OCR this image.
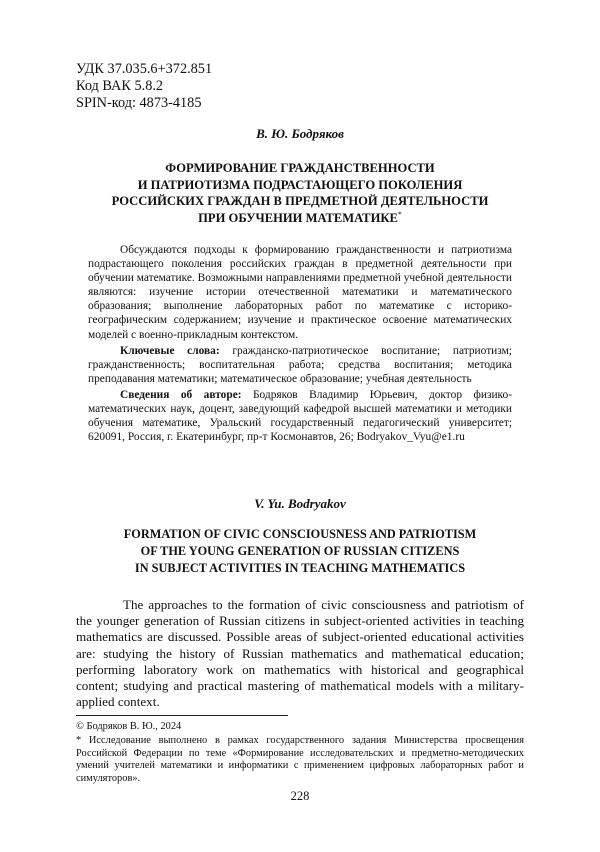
УДК 37.035.6+372.851
Код ВАК 5.8.2
SPIN-код: 4873-4185
В. Ю. Бодряков
ФОРМИРОВАНИЕ ГРАЖДАНСТВЕННОСТИ
И ПАТРИОТИЗМА ПОДРАСТАЮЩЕГО ПОКОЛЕНИЯ
РОССИЙСКИХ ГРАЖДАН В ПРЕДМЕТНОЙ ДЕЯТЕЛЬНОСТИ
ПРИ ОБУЧЕНИИ МАТЕМАТИКЕ*

Обсуждаются подходы к формированию гражданственности и патриотизма подрастающего поколения российских граждан в предметной деятельности при обучении математике. Возможными направлениями предметной учебной деятельности являются: изучение истории отечественной математики и математического образования; выполнение лабораторных работ по математике с историко-географическим содержанием; изучение и практическое освоение математических моделей с военно-прикладным контекстом.

Ключевые слова: гражданско-патриотическое воспитание; патриотизм; гражданственность; воспитательная работа; средства воспитания; методика преподавания математики; математическое образование; учебная деятельность

Сведения об авторе: Бодряков Владимир Юрьевич, доктор физико-математических наук, доцент, заведующий кафедрой высшей математики и методики обучения математике, Уральский государственный педагогический университет; 620091, Россия, г. Екатеринбург, пр-т Космонавтов, 26; Bodryakov_Vyu@e1.ru

V. Yu. Bodryakov
FORMATION OF CIVIC CONSCIOUSNESS AND PATRIOTISM
OF THE YOUNG GENERATION OF RUSSIAN CITIZENS
IN SUBJECT ACTIVITIES IN TEACHING MATHEMATICS

The approaches to the formation of civic consciousness and patriotism of the younger generation of Russian citizens in subject-oriented activities in teaching mathematics are discussed. Possible areas of subject-oriented educational activities are: studying the history of Russian mathematics and mathematical education; performing laboratory work on mathematics with historical and geographical content; studying and practical mastering of mathematical models with a military-applied context.

© Бодряков В. Ю., 2024

* Исследование выполнено в рамках государственного задания Министерства просвещения Российской Федерации по теме «Формирование исследовательских и предметно-методических умений учителей математики и информатики с применением цифровых лабораторных работ и симуляторов».

228
